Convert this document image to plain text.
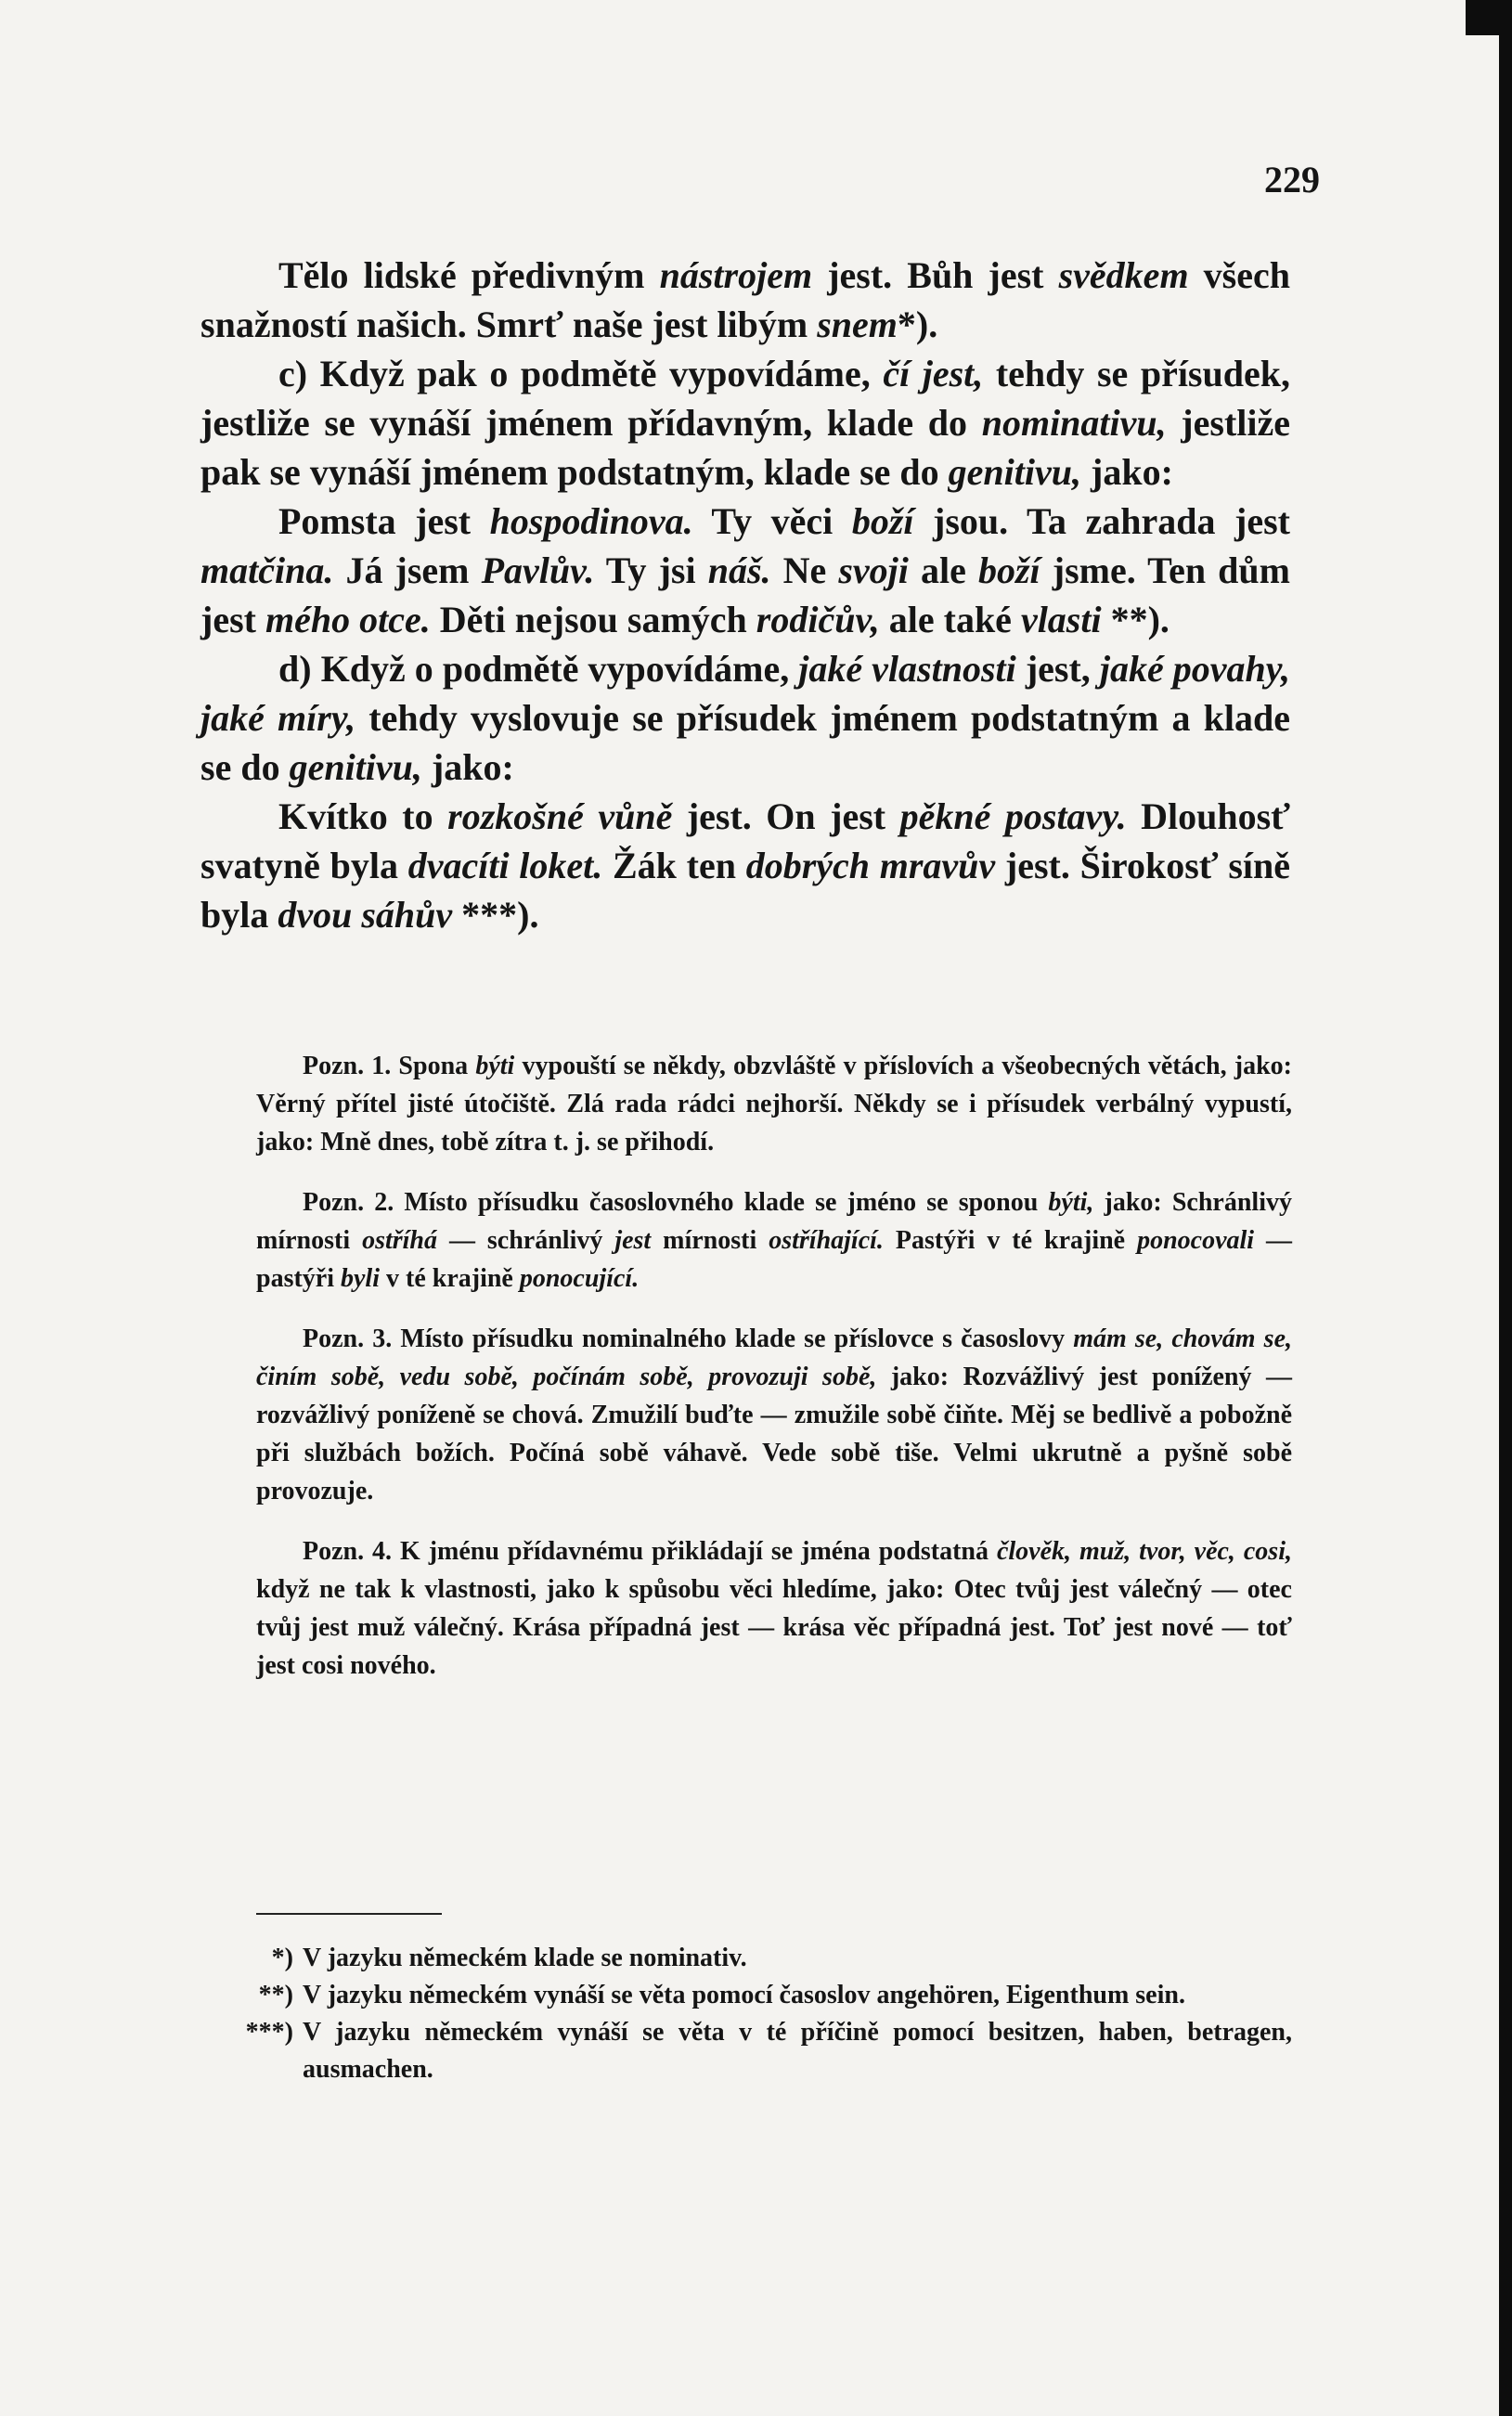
229

Tělo lidské předivným nástrojem jest. Bůh jest svědkem všech snažností našich. Smrť naše jest libým snem*).

c) Když pak o podmětě vypovídáme, čí jest, tehdy se přísudek, jestliže se vynáší jménem přídavným, klade do nominativu, jestliže pak se vynáší jménem podstatným, klade se do genitivu, jako:

Pomsta jest hospodinova. Ty věci boží jsou. Ta zahrada jest matčina. Já jsem Pavlův. Ty jsi náš. Ne svoji ale boží jsme. Ten dům jest mého otce. Děti nejsou samých rodičův, ale také vlasti **).

d) Když o podmětě vypovídáme, jaké vlastnosti jest, jaké povahy, jaké míry, tehdy vyslovuje se přísudek jménem podstatným a klade se do genitivu, jako:

Kvítko to rozkošné vůně jest. On jest pěkné postavy. Dlouhosť svatyně byla dvacíti loket. Žák ten dobrých mravův jest. Širokosť síně byla dvou sáhův ***).

Pozn. 1. Spona býti vypouští se někdy, obzvláště v příslovích a všeobecných větách, jako: Věrný přítel jisté útočiště. Zlá rada rádci nejhorší. Někdy se i přísudek verbálný vypustí, jako: Mně dnes, tobě zítra t. j. se přihodí.

Pozn. 2. Místo přísudku časoslovného klade se jméno se sponou býti, jako: Schránlivý mírnosti ostříhá — schránlivý jest mírnosti ostříhající. Pastýři v té krajině ponocovali — pastýři byli v té krajině ponocující.

Pozn. 3. Místo přísudku nominalného klade se příslovce s časoslovy mám se, chovám se, činím sobě, vedu sobě, počínám sobě, provozuji sobě, jako: Rozvážlivý jest ponížený — rozvážlivý poníženě se chová. Zmužilí buďte — zmužile sobě čiňte. Měj se bedlivě a pobožně při službách božích. Počíná sobě váhavě. Vede sobě tiše. Velmi ukrutně a pyšně sobě provozuje.

Pozn. 4. K jménu přídavnému přikládají se jména podstatná člověk, muž, tvor, věc, cosi, když ne tak k vlastnosti, jako k spůsobu věci hledíme, jako: Otec tvůj jest válečný — otec tvůj jest muž válečný. Krása případná jest — krása věc případná jest. Toť jest nové — toť jest cosi nového.

*) V jazyku německém klade se nominativ.
**) V jazyku německém vynáší se věta pomocí časoslov angehören, Eigenthum sein.
***) V jazyku německém vynáší se věta v té příčině pomocí besitzen, haben, betragen, ausmachen.
